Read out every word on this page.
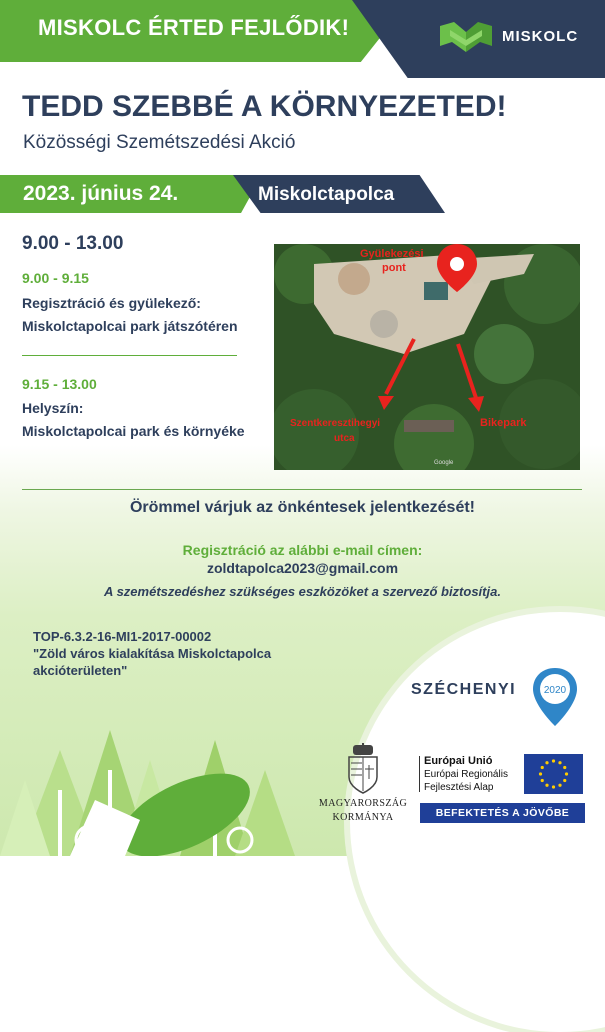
MISKOLC ÉRTED FEJLŐDIK!	MISKOLC
TEDD SZEBBÉ A KÖRNYEZETED!
Közösségi Szemétszedési Akció
2023. június 24.	Miskolctapolca
9.00 - 13.00
9.00 - 9.15
Regisztráció és gyülekező:
Miskolctapolcai park játszótéren
9.15 - 13.00
Helyszín:
Miskolctapolcai park és környéke
Gyülekezési
pont
Szentkeresztihegyi
utca
Bikepark
Google
Örömmel várjuk az önkéntesek jelentkezését!
Regisztráció az alábbi e-mail címen:
zoldtapolca2023@gmail.com
A szemétszedéshez szükséges eszközöket a szervező biztosítja.
TOP-6.3.2-16-MI1-2017-00002
"Zöld város kialakítása Miskolctapolca
akcióterületen"
SZÉCHENYI	2020
MAGYARORSZÁG
KORMÁNYA
Európai Unió
Európai Regionális
Fejlesztési Alap
BEFEKTETÉS A JÖVŐBE
